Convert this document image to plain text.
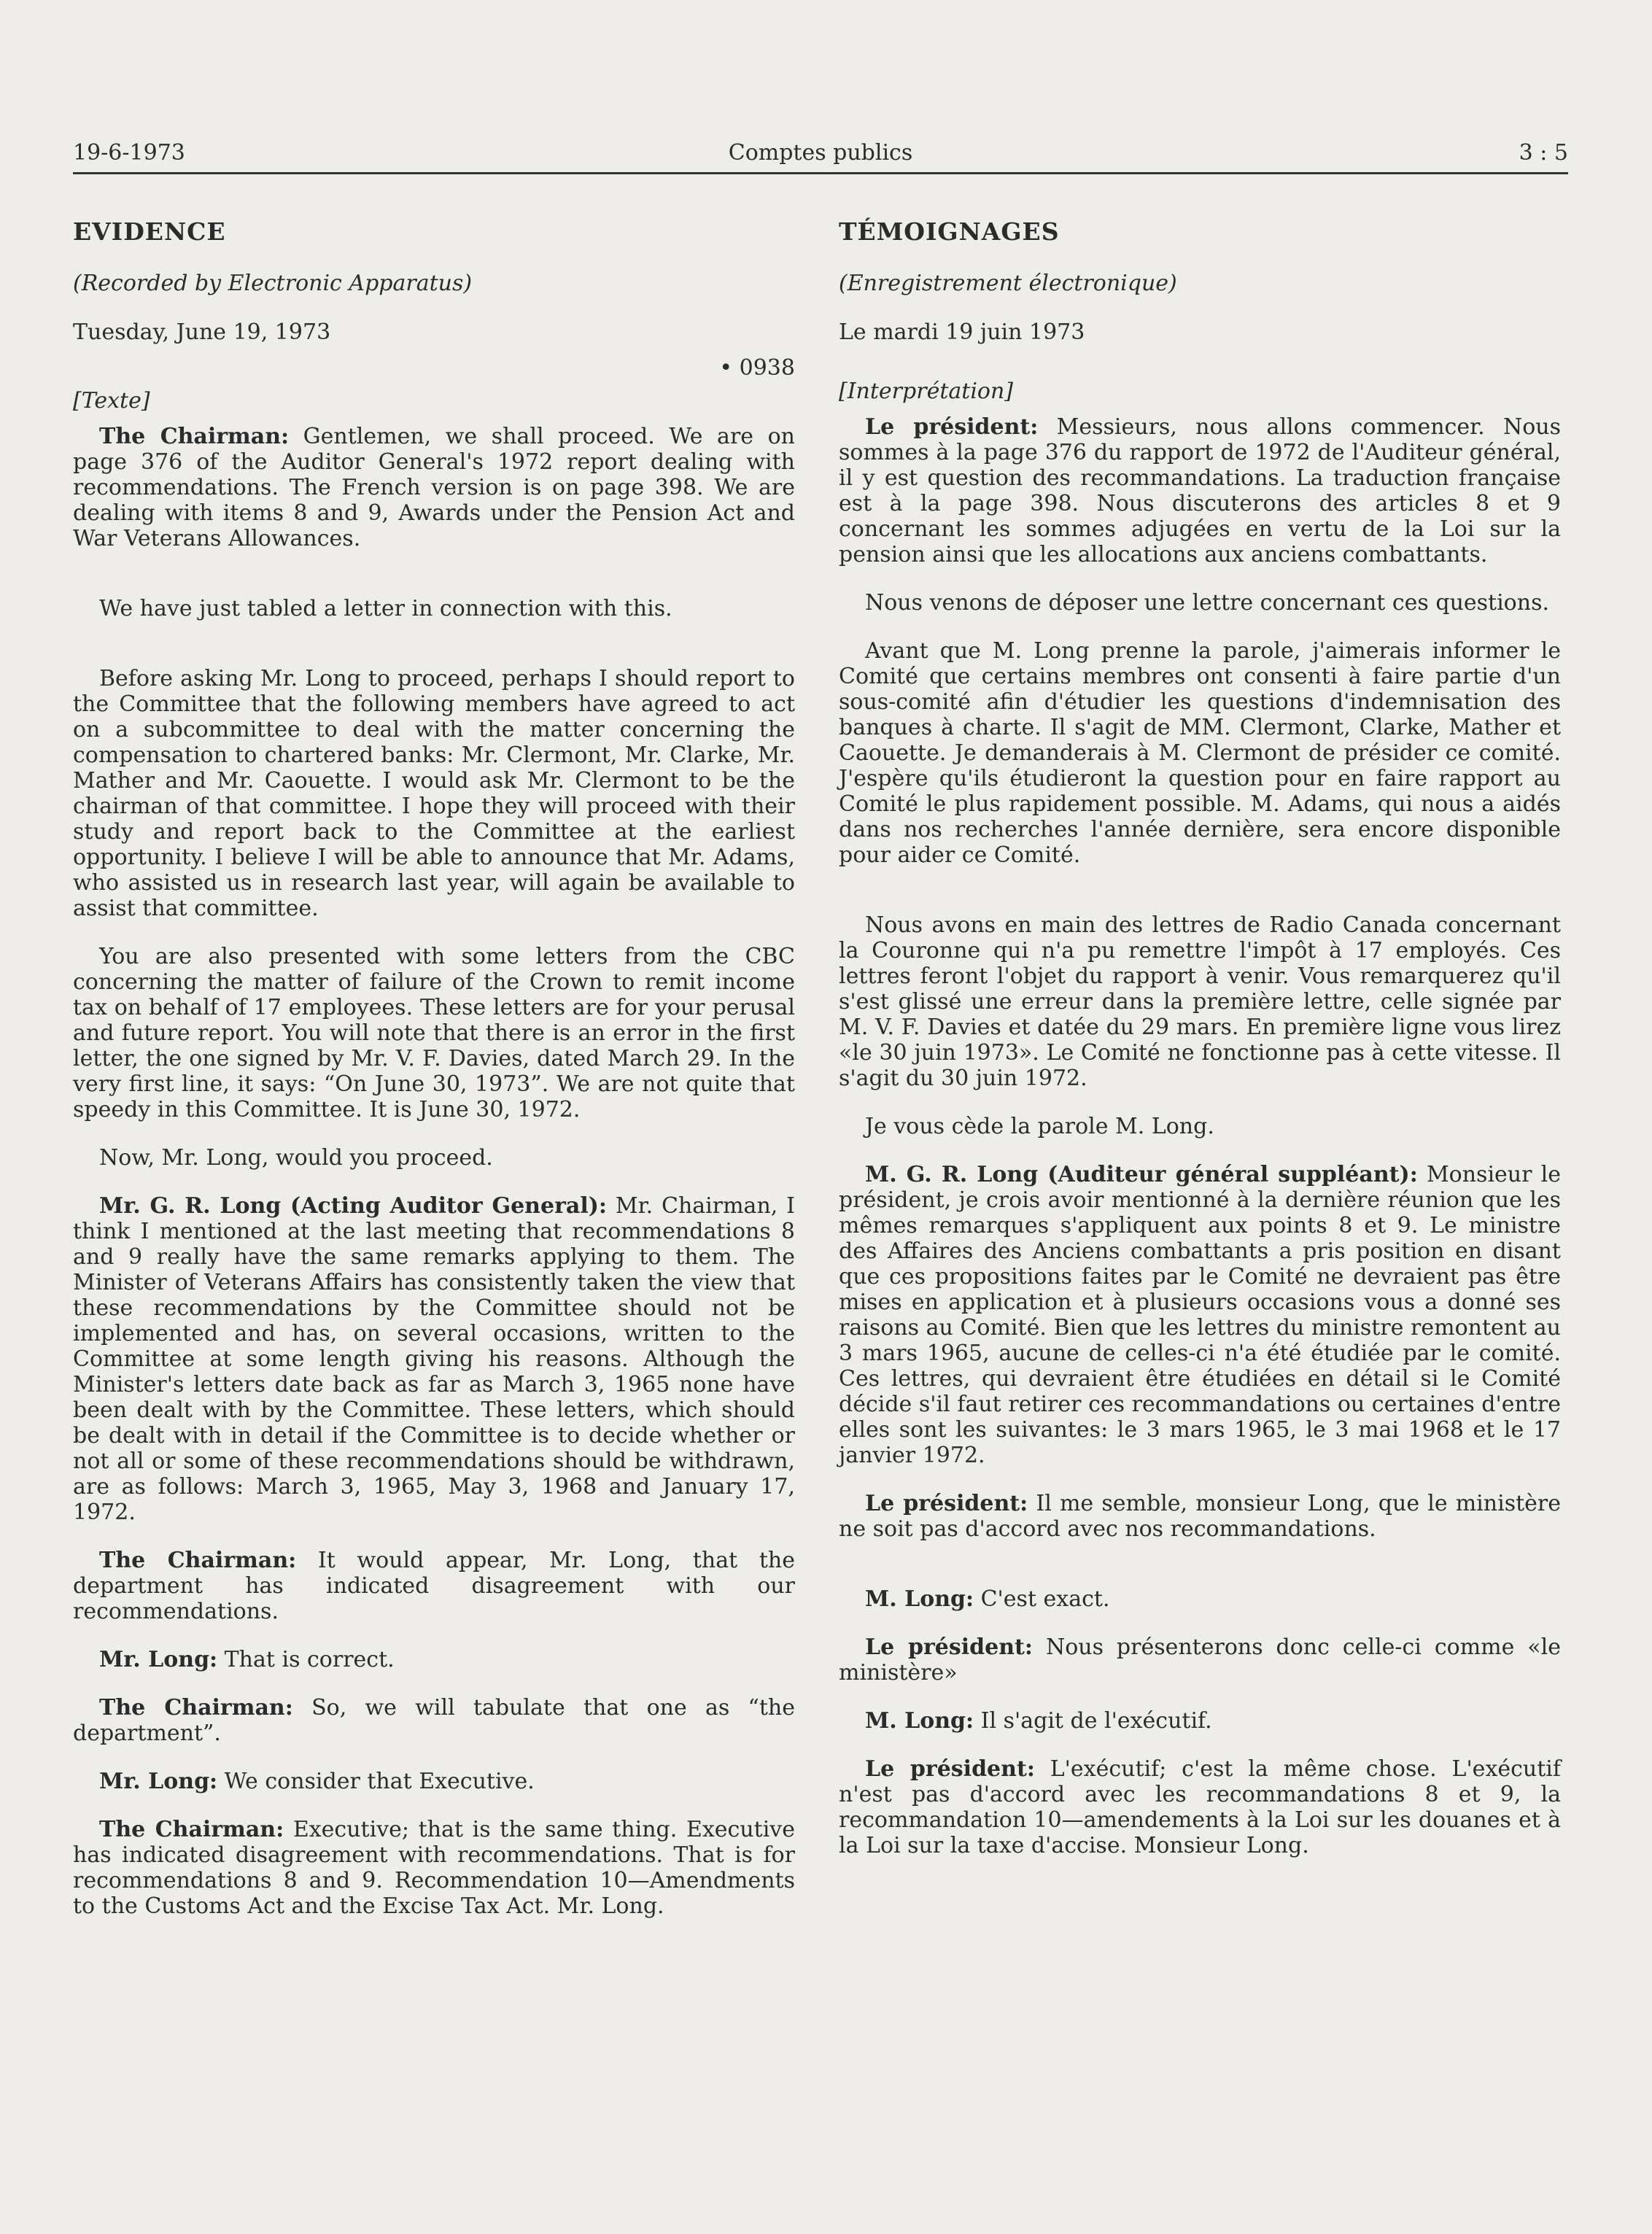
19-6-1973	Comptes publics	3 : 5
EVIDENCE
(Recorded by Electronic Apparatus)
Tuesday, June 19, 1973
• 0938
[Texte]

The Chairman: Gentlemen, we shall proceed. We are on page 376 of the Auditor General's 1972 report dealing with recommendations. The French version is on page 398. We are dealing with items 8 and 9, Awards under the Pension Act and War Veterans Allowances.

We have just tabled a letter in connection with this.

Before asking Mr. Long to proceed, perhaps I should report to the Committee that the following members have agreed to act on a subcommittee to deal with the matter concerning the compensation to chartered banks: Mr. Clermont, Mr. Clarke, Mr. Mather and Mr. Caouette. I would ask Mr. Clermont to be the chairman of that committee. I hope they will proceed with their study and report back to the Committee at the earliest opportunity. I believe I will be able to announce that Mr. Adams, who assisted us in research last year, will again be available to assist that committee.

You are also presented with some letters from the CBC concerning the matter of failure of the Crown to remit income tax on behalf of 17 employees. These letters are for your perusal and future report. You will note that there is an error in the first letter, the one signed by Mr. V. F. Davies, dated March 29. In the very first line, it says: “On June 30, 1973”. We are not quite that speedy in this Committee. It is June 30, 1972.

Now, Mr. Long, would you proceed.

Mr. G. R. Long (Acting Auditor General): Mr. Chairman, I think I mentioned at the last meeting that recommendations 8 and 9 really have the same remarks applying to them. The Minister of Veterans Affairs has consistently taken the view that these recommendations by the Committee should not be implemented and has, on several occasions, written to the Committee at some length giving his reasons. Although the Minister's letters date back as far as March 3, 1965 none have been dealt with by the Committee. These letters, which should be dealt with in detail if the Committee is to decide whether or not all or some of these recommendations should be withdrawn, are as follows: March 3, 1965, May 3, 1968 and January 17, 1972.

The Chairman: It would appear, Mr. Long, that the department has indicated disagreement with our recommendations.

Mr. Long: That is correct.

The Chairman: So, we will tabulate that one as “the department”.

Mr. Long: We consider that Executive.

The Chairman: Executive; that is the same thing. Executive has indicated disagreement with recommendations. That is for recommendations 8 and 9. Recommendation 10—Amendments to the Customs Act and the Excise Tax Act. Mr. Long.

TÉMOIGNAGES
(Enregistrement électronique)
Le mardi 19 juin 1973
[Interprétation]

Le président: Messieurs, nous allons commencer. Nous sommes à la page 376 du rapport de 1972 de l'Auditeur général, il y est question des recommandations. La traduction française est à la page 398. Nous discuterons des articles 8 et 9 concernant les sommes adjugées en vertu de la Loi sur la pension ainsi que les allocations aux anciens combattants.

Nous venons de déposer une lettre concernant ces questions.

Avant que M. Long prenne la parole, j'aimerais informer le Comité que certains membres ont consenti à faire partie d'un sous-comité afin d'étudier les questions d'indemnisation des banques à charte. Il s'agit de MM. Clermont, Clarke, Mather et Caouette. Je demanderais à M. Clermont de présider ce comité. J'espère qu'ils étudieront la question pour en faire rapport au Comité le plus rapidement possible. M. Adams, qui nous a aidés dans nos recherches l'année dernière, sera encore disponible pour aider ce Comité.

Nous avons en main des lettres de Radio Canada concernant la Couronne qui n'a pu remettre l'impôt à 17 employés. Ces lettres feront l'objet du rapport à venir. Vous remarquerez qu'il s'est glissé une erreur dans la première lettre, celle signée par M. V. F. Davies et datée du 29 mars. En première ligne vous lirez «le 30 juin 1973». Le Comité ne fonctionne pas à cette vitesse. Il s'agit du 30 juin 1972.

Je vous cède la parole M. Long.

M. G. R. Long (Auditeur général suppléant): Monsieur le président, je crois avoir mentionné à la dernière réunion que les mêmes remarques s'appliquent aux points 8 et 9. Le ministre des Affaires des Anciens combattants a pris position en disant que ces propositions faites par le Comité ne devraient pas être mises en application et à plusieurs occasions vous a donné ses raisons au Comité. Bien que les lettres du ministre remontent au 3 mars 1965, aucune de celles-ci n'a été étudiée par le comité. Ces lettres, qui devraient être étudiées en détail si le Comité décide s'il faut retirer ces recommandations ou certaines d'entre elles sont les suivantes: le 3 mars 1965, le 3 mai 1968 et le 17 janvier 1972.

Le président: Il me semble, monsieur Long, que le ministère ne soit pas d'accord avec nos recommandations.

M. Long: C'est exact.

Le président: Nous présenterons donc celle-ci comme «le ministère»

M. Long: Il s'agit de l'exécutif.

Le président: L'exécutif; c'est la même chose. L'exécutif n'est pas d'accord avec les recommandations 8 et 9, la recommandation 10—amendements à la Loi sur les douanes et à la Loi sur la taxe d'accise. Monsieur Long.
